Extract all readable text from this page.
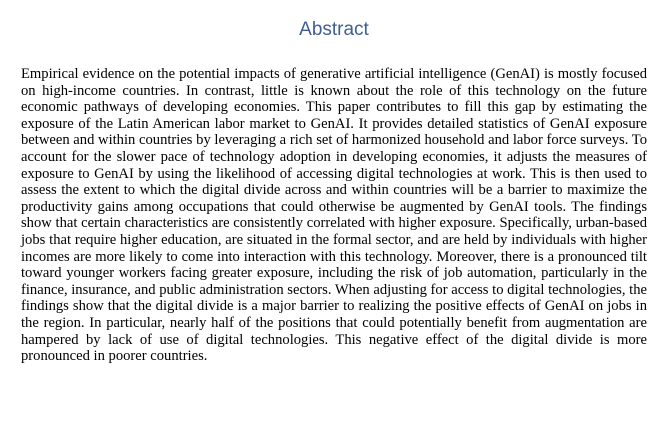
Abstract

Empirical evidence on the potential impacts of generative artificial intelligence (GenAI) is mostly focused on high-income countries. In contrast, little is known about the role of this technology on the future economic pathways of developing economies. This paper contributes to fill this gap by estimating the exposure of the Latin American labor market to GenAI. It provides detailed statistics of GenAI exposure between and within countries by leveraging a rich set of harmonized household and labor force surveys. To account for the slower pace of technology adoption in developing economies, it adjusts the measures of exposure to GenAI by using the likelihood of accessing digital technologies at work. This is then used to assess the extent to which the digital divide across and within countries will be a barrier to maximize the productivity gains among occupations that could otherwise be augmented by GenAI tools. The findings show that certain characteristics are consistently correlated with higher exposure. Specifically, urban-based jobs that require higher education, are situated in the formal sector, and are held by individuals with higher incomes are more likely to come into interaction with this technology. Moreover, there is a pronounced tilt toward younger workers facing greater exposure, including the risk of job automation, particularly in the finance, insurance, and public administration sectors. When adjusting for access to digital technologies, the findings show that the digital divide is a major barrier to realizing the positive effects of GenAI on jobs in the region. In particular, nearly half of the positions that could potentially benefit from augmentation are hampered by lack of use of digital technologies. This negative effect of the digital divide is more pronounced in poorer countries.
